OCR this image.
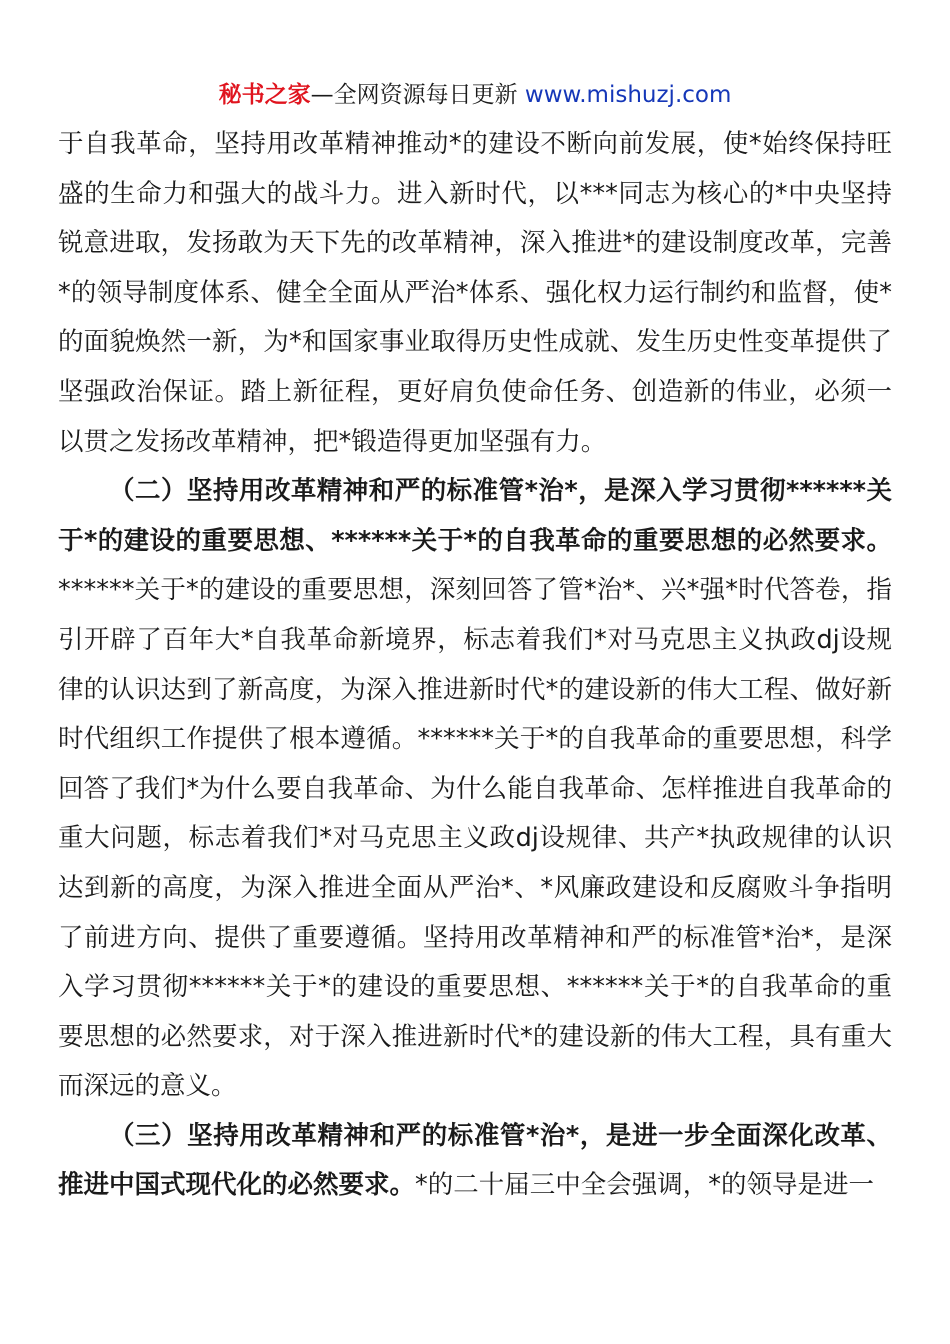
秘书之家—全网资源每日更新 www.mishuzj.com

于自我革命，坚持用改革精神推动*的建设不断向前发展，使*始终保持旺盛的生命力和强大的战斗力。进入新时代，以***同志为核心的*中央坚持锐意进取，发扬敢为天下先的改革精神，深入推进*的建设制度改革，完善*的领导制度体系、健全全面从严治*体系、强化权力运行制约和监督，使*的面貌焕然一新，为*和国家事业取得历史性成就、发生历史性变革提供了坚强政治保证。踏上新征程，更好肩负使命任务、创造新的伟业，必须一以贯之发扬改革精神，把*锻造得更加坚强有力。

（二）坚持用改革精神和严的标准管*治*，是深入学习贯彻******关于*的建设的重要思想、******关于*的自我革命的重要思想的必然要求。******关于*的建设的重要思想，深刻回答了管*治*、兴*强*时代答卷，指引开辟了百年大*自我革命新境界，标志着我们*对马克思主义执政dj设规律的认识达到了新高度，为深入推进新时代*的建设新的伟大工程、做好新时代组织工作提供了根本遵循。******关于*的自我革命的重要思想，科学回答了我们*为什么要自我革命、为什么能自我革命、怎样推进自我革命的重大问题，标志着我们*对马克思主义政dj设规律、共产*执政规律的认识达到新的高度，为深入推进全面从严治*、*风廉政建设和反腐败斗争指明了前进方向、提供了重要遵循。坚持用改革精神和严的标准管*治*，是深入学习贯彻******关于*的建设的重要思想、******关于*的自我革命的重要思想的必然要求，对于深入推进新时代*的建设新的伟大工程，具有重大而深远的意义。

（三）坚持用改革精神和严的标准管*治*，是进一步全面深化改革、推进中国式现代化的必然要求。*的二十届三中全会强调，*的领导是进一
